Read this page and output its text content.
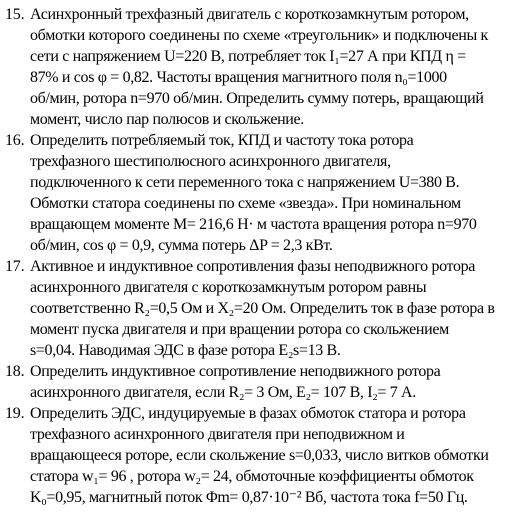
15. Асинхронный трехфазный двигатель с короткозамкнутым ротором,
обмотки которого соединены по схеме «треугольник» и подключены к
сети с напряжением U=220 В, потребляет ток I₁=27 А при КПД η =
87% и cos φ = 0,82. Частоты вращения магнитного поля n₀=1000
об/мин, ротора n=970 об/мин. Определить сумму потерь, вращающий
момент, число пар полюсов и скольжение.
16. Определить потребляемый ток, КПД и частоту тока ротора
трехфазного шестиполюсного асинхронного двигателя,
подключенного к сети переменного тока с напряжением U=380 В.
Обмотки статора соединены по схеме «звезда». При номинальном
вращающем моменте M= 216,6 Н· м частота вращения ротора n=970
об/мин, cos φ = 0,9, сумма потерь ΔP = 2,3 кВт.
17. Активное и индуктивное сопротивления фазы неподвижного ротора
асинхронного двигателя с короткозамкнутым ротором равны
соответственно R₂=0,5 Ом и X₂=20 Ом. Определить ток в фазе ротора в
момент пуска двигателя и при вращении ротора со скольжением
s=0,04. Наводимая ЭДС в фазе ротора E₂s=13 В.
18. Определить индуктивное сопротивление неподвижного ротора
асинхронного двигателя, если R₂= 3 Ом, E₂= 107 В, I₂= 7 А.
19. Определить ЭДС, индуцируемые в фазах обмоток статора и ротора
трехфазного асинхронного двигателя при неподвижном и
вращающееся роторе, если скольжение s=0,033, число витков обмотки
статора w₁= 96 , ротора w₂= 24, обмоточные коэффициенты обмоток
K₀=0,95, магнитный поток Φm= 0,87·10⁻² Вб, частота тока f=50 Гц.
